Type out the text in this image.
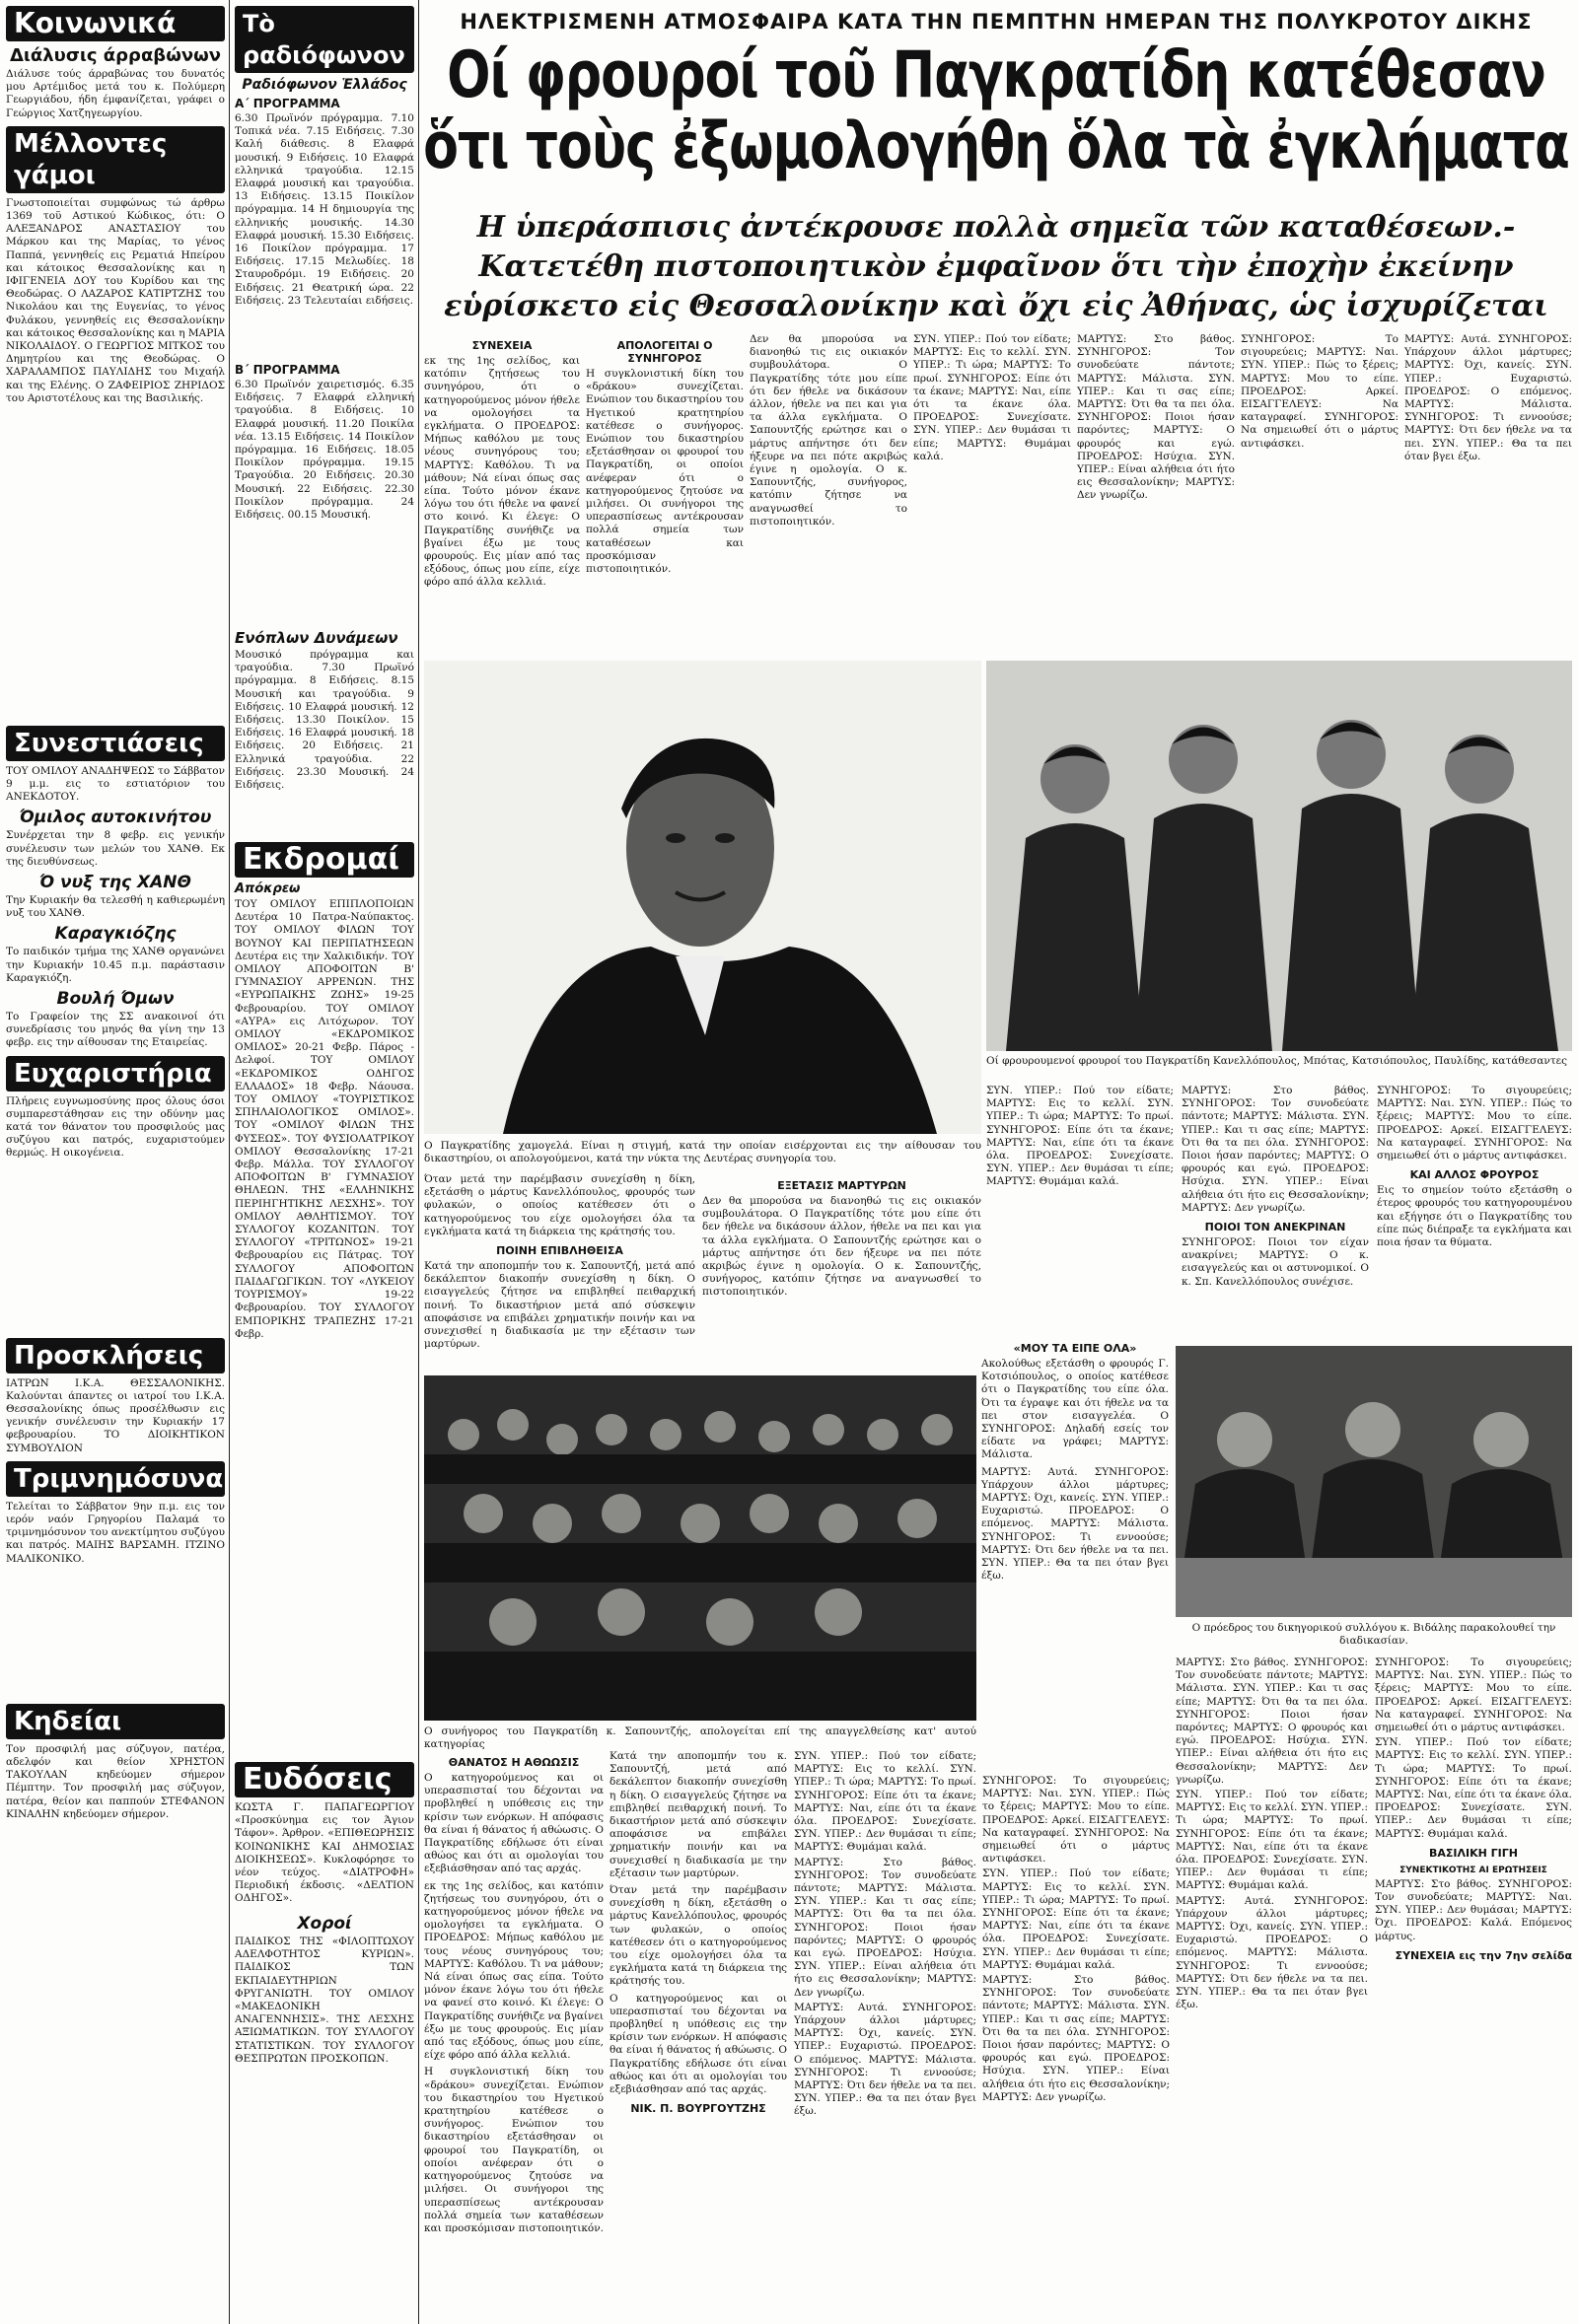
Κοινωνικά
Διάλυσις άρραβώνων

Διάλυσε τούς άρραβώνας του δυνατός μου Αρτέμιδος μετά του κ. Πολύμερη Γεωργιάδου, ήδη έμφανίζεται, γράφει ο Γεώργιος Χατζηγεωργίου.

Μέλλοντες γάμοι

Γνωστοποιείται συμφώνως τώ άρθρω 1369 τοϋ Αστικού Κώδικος, ότι: Ο ΑΛΕΞΑΝΔΡΟΣ ΑΝΑΣΤΑΣΙΟΥ του Μάρκου και της Μαρίας, το γένος Παππά, γεννηθείς εις Ρεματιά Ηπείρου και κάτοικος Θεσσαλονίκης και η ΙΦΙΓΕΝΕΙΑ ΔΟΥ του Κυρίδου και της Θεοδώρας. Ο ΛΑΖΑΡΟΣ ΚΑΤΙΡΤΖΗΣ του Νικολάου και της Ευγενίας, το γένος Φυλάκου, γεννηθείς εις Θεσσαλονίκην και κάτοικος Θεσσαλονίκης και η ΜΑΡΙΑ ΝΙΚΟΛΑΙΔΟΥ. Ο ΓΕΩΡΓΙΟΣ ΜΙΤΚΟΣ του Δημητρίου και της Θεοδώρας. Ο ΧΑΡΑΛΑΜΠΟΣ ΠΑΥΛΙΔΗΣ του Μιχαήλ και της Ελένης. Ο ΖΑΦΕΙΡΙΟΣ ΖΗΡΙΔΟΣ του Αριστοτέλους και της Βασιλικής.

Συνεστιάσεις

ΤΟΥ ΟΜΙΛΟΥ ΑΝΑΔΗΨΕΩΣ το Σάββατον 9 μ.μ. εις το εστιατόριον του ΑΝΕΚΔΟΤΟΥ.

Όμιλος αυτοκινήτου

Συνέρχεται την 8 φεβρ. εις γενικήν συνέλευσιν των μελών του ΧΑΝΘ. Εκ της διευθύνσεως.

Ό νυξ της ΧΑΝΘ

Την Κυριακήν θα τελεσθή η καθιερωμένη νυξ του ΧΑΝΘ.

Καραγκιόζης

Το παιδικόν τμήμα της ΧΑΝΘ οργανώνει την Κυριακήν 10.45 π.μ. παράστασιν Καραγκιόζη.

Βουλή Όμων

Το Γραφείον της ΣΣ ανακοινοί ότι συνεδρίασις του μηνός θα γίνη την 13 φεβρ. εις την αίθουσαν της Εταιρείας.

Ευχαριστήρια

Πλήρεις ευγνωμοσύνης προς όλους όσοι συμπαρεστάθησαν εις την οδύνην μας κατά τον θάνατον του προσφιλούς μας συζύγου και πατρός, ευχαριστούμεν θερμώς. Η οικογένεια.

Προσκλήσεις

ΙΑΤΡΩΝ Ι.Κ.Α. ΘΕΣΣΑΛΟΝΙΚΗΣ. Καλούνται άπαντες οι ιατροί του Ι.Κ.Α. Θεσσαλονίκης όπως προσέλθωσιν εις γενικήν συνέλευσιν την Κυριακήν 17 φεβρουαρίου. ΤΟ ΔΙΟΙΚΗΤΙΚΟΝ ΣΥΜΒΟΥΛΙΟΝ

Τριμνημόσυνα

Τελείται το Σάββατον 9ην π.μ. εις τον ιερόν ναόν Γρηγορίου Παλαμά το τριμνημόσυνον του ανεκτίμητου συζύγου και πατρός. ΜΑΙΗΣ ΒΑΡΣΑΜΗ. ΙΤΖΙΝΟ ΜΑΛΙΚΟΝΙΚΟ.

Κηδείαι

Τον προσφιλή μας σύζυγον, πατέρα, αδελφόν και θείον ΧΡΗΣΤΟΝ ΤΑΚΟΥΛΑΝ κηδεύομεν σήμερον Πέμπτην. Τον προσφιλή μας σύζυγον, πατέρα, θείον και παππούν ΣΤΕΦΑΝΟΝ ΚΙΝΑΛΗΝ κηδεύομεν σήμερον.

Τὸ ραδιόφωνον
Ραδιόφωνον Ἑλλάδος
Α΄ ΠΡΟΓΡΑΜΜΑ

6.30 Πρωϊνόν πρόγραμμα. 7.10 Τοπικά νέα. 7.15 Ειδήσεις. 7.30 Καλή διάθεσις. 8 Ελαφρά μουσική. 9 Ειδήσεις. 10 Ελαφρά ελληνικά τραγούδια. 12.15 Ελαφρά μουσική και τραγούδια. 13 Ειδήσεις. 13.15 Ποικίλον πρόγραμμα. 14 Η δημιουργία της ελληνικής μουσικής. 14.30 Ελαφρά μουσική. 15.30 Ειδήσεις. 16 Ποικίλον πρόγραμμα. 17 Ειδήσεις. 17.15 Μελωδίες. 18 Σταυροδρόμι. 19 Ειδήσεις. 20 Ειδήσεις. 21 Θεατρική ώρα. 22 Ειδήσεις. 23 Τελευταίαι ειδήσεις.

Β΄ ΠΡΟΓΡΑΜΜΑ

6.30 Πρωϊνόν χαιρετισμός. 6.35 Ειδήσεις. 7 Ελαφρά ελληνική τραγούδια. 8 Ειδήσεις. 10 Ελαφρά μουσική. 11.20 Ποικίλα νέα. 13.15 Ειδήσεις. 14 Ποικίλον πρόγραμμα. 16 Ειδήσεις. 18.05 Ποικίλον πρόγραμμα. 19.15 Τραγούδια. 20 Ειδήσεις. 20.30 Μουσική. 22 Ειδήσεις. 22.30 Ποικίλον πρόγραμμα. 24 Ειδήσεις. 00.15 Μουσική.

Ενόπλων Δυνάμεων

Μουσικό πρόγραμμα και τραγούδια. 7.30 Πρωϊνό πρόγραμμα. 8 Ειδήσεις. 8.15 Μουσική και τραγούδια. 9 Ειδήσεις. 10 Ελαφρά μουσική. 12 Ειδήσεις. 13.30 Ποικίλον. 15 Ειδήσεις. 16 Ελαφρά μουσική. 18 Ειδήσεις. 20 Ειδήσεις. 21 Ελληνικά τραγούδια. 22 Ειδήσεις. 23.30 Μουσική. 24 Ειδήσεις.

Εκδρομαί
Απόκρεω

ΤΟΥ ΟΜΙΛΟΥ ΕΠΙΠΛΟΠΟΙΩΝ Δευτέρα 10 Πατρα-Ναύπακτος. ΤΟΥ ΟΜΙΛΟΥ ΦΙΛΩΝ ΤΟΥ ΒΟΥΝΟΥ ΚΑΙ ΠΕΡΙΠΑΤΗΣΕΩΝ Δευτέρα εις την Χαλκιδικήν. ΤΟΥ ΟΜΙΛΟΥ ΑΠΟΦΟΙΤΩΝ Β' ΓΥΜΝΑΣΙΟΥ ΑΡΡΕΝΩΝ. ΤΗΣ «ΕΥΡΩΠΑΙΚΗΣ ΖΩΗΣ» 19-25 Φεβρουαρίου. ΤΟΥ ΟΜΙΛΟΥ «ΑΥΡΑ» εις Λιτόχωρον. ΤΟΥ ΟΜΙΛΟΥ «ΕΚΔΡΟΜΙΚΟΣ ΟΜΙΛΟΣ» 20-21 Φεβρ. Πάρος - Δελφοί. ΤΟΥ ΟΜΙΛΟΥ «ΕΚΔΡΟΜΙΚΟΣ ΟΔΗΓΟΣ ΕΛΛΑΔΟΣ» 18 Φεβρ. Νάουσα. ΤΟΥ ΟΜΙΛΟΥ «ΤΟΥΡΙΣΤΙΚΟΣ ΣΠΗΛΑΙΟΛΟΓΙΚΟΣ ΟΜΙΛΟΣ». ΤΟΥ «ΟΜΙΛΟΥ ΦΙΛΩΝ ΤΗΣ ΦΥΣΕΩΣ». ΤΟΥ ΦΥΣΙΟΛΑΤΡΙΚΟΥ ΟΜΙΛΟΥ Θεσσαλονίκης 17-21 Φεβρ. Μάλλα. ΤΟΥ ΣΥΛΛΟΓΟΥ ΑΠΟΦΟΙΤΩΝ Β' ΓΥΜΝΑΣΙΟΥ ΘΗΛΕΩΝ. ΤΗΣ «ΕΛΛΗΝΙΚΗΣ ΠΕΡΙΗΓΗΤΙΚΗΣ ΛΕΣΧΗΣ». ΤΟΥ ΟΜΙΛΟΥ ΑΘΛΗΤΙΣΜΟΥ. ΤΟΥ ΣΥΛΛΟΓΟΥ ΚΟΖΑΝΙΤΩΝ. ΤΟΥ ΣΥΛΛΟΓΟΥ «ΤΡΙΤΩΝΟΣ» 19-21 Φεβρουαρίου εις Πάτρας. ΤΟΥ ΣΥΛΛΟΓΟΥ ΑΠΟΦΟΙΤΩΝ ΠΑΙΔΑΓΩΓΙΚΩΝ. ΤΟΥ «ΛΥΚΕΙΟΥ ΤΟΥΡΙΣΜΟΥ» 19-22 Φεβρουαρίου. ΤΟΥ ΣΥΛΛΟΓΟΥ ΕΜΠΟΡΙΚΗΣ ΤΡΑΠΕΖΗΣ 17-21 Φεβρ.

Ευδόσεις

ΚΩΣΤΑ Γ. ΠΑΠΑΓΕΩΡΓΙΟΥ «Προσκύνημα εις τον Άγιον Τάφον». Άρθρον. «ΕΠΙΘΕΩΡΗΣΙΣ ΚΟΙΝΩΝΙΚΗΣ ΚΑΙ ΔΗΜΟΣΙΑΣ ΔΙΟΙΚΗΣΕΩΣ». Κυκλοφόρησε το νέον τεύχος. «ΔΙΑΤΡΟΦΗ» Περιοδική έκδοσις. «ΔΕΛΤΙΟΝ ΟΔΗΓΟΣ».

Χοροί

ΠΑΙΔΙΚΟΣ ΤΗΣ «ΦΙΛΟΠΤΩΧΟΥ ΑΔΕΛΦΟΤΗΤΟΣ ΚΥΡΙΩΝ». ΠΑΙΔΙΚΟΣ ΤΩΝ ΕΚΠΑΙΔΕΥΤΗΡΙΩΝ ΦΡΥΓΑΝΙΩΤΗ. ΤΟΥ ΟΜΙΛΟΥ «ΜΑΚΕΔΟΝΙΚΗ ΑΝΑΓΕΝΝΗΣΙΣ». ΤΗΣ ΛΕΣΧΗΣ ΑΞΙΩΜΑΤΙΚΩΝ. ΤΟΥ ΣΥΛΛΟΓΟΥ ΣΤΑΤΙΣΤΙΚΩΝ. ΤΟΥ ΣΥΛΛΟΓΟΥ ΘΕΣΠΡΩΤΩΝ ΠΡΟΣΚΟΠΩΝ.

ΗΛΕΚΤΡΙΣΜΕΝΗ ΑΤΜΟΣΦΑΙΡΑ ΚΑΤΑ ΤΗΝ ΠΕΜΠΤΗΝ ΗΜΕΡΑΝ ΤΗΣ ΠΟΛΥΚΡΟΤΟΥ ΔΙΚΗΣ
Οί φρουροί τοῦ Παγκρατίδη κατέθεσαν
ὅτι τοὺς ἐξωμολογήθη ὅλα τὰ ἐγκλήματα
Η ὑπεράσπισις ἀντέκρουσε πολλὰ σημεῖα τῶν καταθέσεων.-
Κατετέθη πιστοποιητικὸν ἐμφαῖνον ὅτι τὴν ἐποχὴν ἐκείνην
εὑρίσκετο εἰς Θεσσαλονίκην καὶ ὄχι εἰς Ἀθήνας, ὡς ἰσχυρίζεται
ΣΥΝΕΧΕΙΑ

εκ της 1ης σελίδος, και κατόπιν ζητήσεως του συνηγόρου, ότι ο κατηγορούμενος μόνον ήθελε να ομολογήσει τα εγκλήματα. Ο ΠΡΟΕΔΡΟΣ: Μήπως καθόλου με τους νέους συνηγόρους του; ΜΑΡΤΥΣ: Καθόλου. Τι να μάθουν; Νά είναι όπως σας είπα. Τούτο μόνον έκανε λόγω του ότι ήθελε να φανεί στο κοινό. Κι έλεγε: Ο Παγκρατίδης συνήθιζε να βγαίνει έξω με τους φρουρούς. Εις μίαν από τας εξόδους, όπως μου είπε, είχε φόρο από άλλα κελλιά.

ΑΠΟΛΟΓΕΙΤΑΙ Ο ΣΥΝΗΓΟΡΟΣ

Η συγκλονιστική δίκη του «δράκου» συνεχίζεται. Ενώπιον του δικαστηρίου του Ηγετικού κρατητηρίου κατέθεσε ο συνήγορος. Ενώπιον του δικαστηρίου εξετάσθησαν οι φρουροί του Παγκρατίδη, οι οποίοι ανέφεραν ότι ο κατηγορούμενος ζητούσε να μιλήσει. Οι συνήγοροι της υπερασπίσεως αντέκρουσαν πολλά σημεία των καταθέσεων και προσκόμισαν πιστοποιητικόν.

Δεν θα μπορούσα να διανοηθώ τις εις οικιακόν συμβουλάτορα. Ο Παγκρατίδης τότε μου είπε ότι δεν ήθελε να δικάσουν άλλον, ήθελε να πει και για τα άλλα εγκλήματα. Ο Σαπουντζής ερώτησε και ο μάρτυς απήντησε ότι δεν ήξευρε να πει πότε ακριβώς έγινε η ομολογία. Ο κ. Σαπουντζής, συνήγορος, κατόπιν ζήτησε να αναγνωσθεί το πιστοποιητικόν.

ΣΥΝ. ΥΠΕΡ.: Πού τον είδατε; ΜΑΡΤΥΣ: Εις το κελλί. ΣΥΝ. ΥΠΕΡ.: Τι ώρα; ΜΑΡΤΥΣ: Το πρωί. ΣΥΝΗΓΟΡΟΣ: Είπε ότι τα έκανε; ΜΑΡΤΥΣ: Ναι, είπε ότι τα έκανε όλα. ΠΡΟΕΔΡΟΣ: Συνεχίσατε. ΣΥΝ. ΥΠΕΡ.: Δεν θυμάσαι τι είπε; ΜΑΡΤΥΣ: Θυμάμαι καλά.

ΜΑΡΤΥΣ: Στο βάθος. ΣΥΝΗΓΟΡΟΣ: Τον συνοδεύατε πάντοτε; ΜΑΡΤΥΣ: Μάλιστα. ΣΥΝ. ΥΠΕΡ.: Και τι σας είπε; ΜΑΡΤΥΣ: Ότι θα τα πει όλα. ΣΥΝΗΓΟΡΟΣ: Ποιοι ήσαν παρόντες; ΜΑΡΤΥΣ: Ο φρουρός και εγώ. ΠΡΟΕΔΡΟΣ: Ησύχια. ΣΥΝ. ΥΠΕΡ.: Είναι αλήθεια ότι ήτο εις Θεσσαλονίκην; ΜΑΡΤΥΣ: Δεν γνωρίζω.

ΣΥΝΗΓΟΡΟΣ: Το σιγουρεύεις; ΜΑΡΤΥΣ: Ναι. ΣΥΝ. ΥΠΕΡ.: Πώς το ξέρεις; ΜΑΡΤΥΣ: Μου το είπε. ΠΡΟΕΔΡΟΣ: Αρκεί. ΕΙΣΑΓΓΕΛΕΥΣ: Να καταγραφεί. ΣΥΝΗΓΟΡΟΣ: Να σημειωθεί ότι ο μάρτυς αντιφάσκει.

ΜΑΡΤΥΣ: Αυτά. ΣΥΝΗΓΟΡΟΣ: Υπάρχουν άλλοι μάρτυρες; ΜΑΡΤΥΣ: Όχι, κανείς. ΣΥΝ. ΥΠΕΡ.: Ευχαριστώ. ΠΡΟΕΔΡΟΣ: Ο επόμενος. ΜΑΡΤΥΣ: Μάλιστα. ΣΥΝΗΓΟΡΟΣ: Τι εννοούσε; ΜΑΡΤΥΣ: Ότι δεν ήθελε να τα πει. ΣΥΝ. ΥΠΕΡ.: Θα τα πει όταν βγει έξω.

Ο Παγκρατίδης χαμογελά. Είναι η στιγμή, κατά την οποίαν εισέρχονται εις την αίθουσαν του δικαστηρίου, οι απολογούμενοι, κατά την νύκτα της Δευτέρας συνηγορία του.
Οί φρουρουμενοί φρουροί του Παγκρατίδη Κανελλόπουλος, Μπότας, Κατσιόπουλος, Παυλίδης, κατάθεσαντες

Όταν μετά την παρέμβασιν συνεχίσθη η δίκη, εξετάσθη ο μάρτυς Κανελλόπουλος, φρουρός των φυλακών, ο οποίος κατέθεσεν ότι ο κατηγορούμενος του είχε ομολογήσει όλα τα εγκλήματα κατά τη διάρκεια της κράτησής του.

ΠΟΙΝΗ ΕΠΙΒΛΗΘΕΙΣΑ

Κατά την αποπομπήν του κ. Σαπουντζή, μετά από δεκάλεπτον διακοπήν συνεχίσθη η δίκη. Ο εισαγγελεύς ζήτησε να επιβληθεί πειθαρχική ποινή. Το δικαστήριον μετά από σύσκεψιν αποφάσισε να επιβάλει χρηματικήν ποινήν και να συνεχισθεί η διαδικασία με την εξέτασιν των μαρτύρων.

ΕΞΕΤΑΣΙΣ ΜΑΡΤΥΡΩΝ

Δεν θα μπορούσα να διανοηθώ τις εις οικιακόν συμβουλάτορα. Ο Παγκρατίδης τότε μου είπε ότι δεν ήθελε να δικάσουν άλλον, ήθελε να πει και για τα άλλα εγκλήματα. Ο Σαπουντζής ερώτησε και ο μάρτυς απήντησε ότι δεν ήξευρε να πει πότε ακριβώς έγινε η ομολογία. Ο κ. Σαπουντζής, συνήγορος, κατόπιν ζήτησε να αναγνωσθεί το πιστοποιητικόν.

ΣΥΝ. ΥΠΕΡ.: Πού τον είδατε; ΜΑΡΤΥΣ: Εις το κελλί. ΣΥΝ. ΥΠΕΡ.: Τι ώρα; ΜΑΡΤΥΣ: Το πρωί. ΣΥΝΗΓΟΡΟΣ: Είπε ότι τα έκανε; ΜΑΡΤΥΣ: Ναι, είπε ότι τα έκανε όλα. ΠΡΟΕΔΡΟΣ: Συνεχίσατε. ΣΥΝ. ΥΠΕΡ.: Δεν θυμάσαι τι είπε; ΜΑΡΤΥΣ: Θυμάμαι καλά.

ΜΑΡΤΥΣ: Στο βάθος. ΣΥΝΗΓΟΡΟΣ: Τον συνοδεύατε πάντοτε; ΜΑΡΤΥΣ: Μάλιστα. ΣΥΝ. ΥΠΕΡ.: Και τι σας είπε; ΜΑΡΤΥΣ: Ότι θα τα πει όλα. ΣΥΝΗΓΟΡΟΣ: Ποιοι ήσαν παρόντες; ΜΑΡΤΥΣ: Ο φρουρός και εγώ. ΠΡΟΕΔΡΟΣ: Ησύχια. ΣΥΝ. ΥΠΕΡ.: Είναι αλήθεια ότι ήτο εις Θεσσαλονίκην; ΜΑΡΤΥΣ: Δεν γνωρίζω.

ΠΟΙΟΙ ΤΟΝ ΑΝΕΚΡΙΝΑΝ

ΣΥΝΗΓΟΡΟΣ: Ποιοι τον είχαν ανακρίνει; ΜΑΡΤΥΣ: Ο κ. εισαγγελεύς και οι αστυνομικοί. Ο κ. Σπ. Κανελλόπουλος συνέχισε.

ΣΥΝΗΓΟΡΟΣ: Το σιγουρεύεις; ΜΑΡΤΥΣ: Ναι. ΣΥΝ. ΥΠΕΡ.: Πώς το ξέρεις; ΜΑΡΤΥΣ: Μου το είπε. ΠΡΟΕΔΡΟΣ: Αρκεί. ΕΙΣΑΓΓΕΛΕΥΣ: Να καταγραφεί. ΣΥΝΗΓΟΡΟΣ: Να σημειωθεί ότι ο μάρτυς αντιφάσκει.

ΚΑΙ ΑΛΛΟΣ ΦΡΟΥΡΟΣ

Εις το σημείον τούτο εξετάσθη ο έτερος φρουρός του κατηγορουμένου και εξήγησε ότι ο Παγκρατίδης του είπε πώς διέπραξε τα εγκλήματα και ποια ήσαν τα θύματα.

Ο συνήγορος του Παγκρατίδη κ. Σαπουντζής, απολογείται επί της απαγγελθείσης κατ' αυτού κατηγορίας
«ΜΟΥ ΤΑ ΕΙΠΕ ΟΛΑ»

Ακολούθως εξετάσθη ο φρουρός Γ. Κοτσιόπουλος, ο οποίος κατέθεσε ότι ο Παγκρατίδης του είπε όλα. Ότι τα έγραψε και ότι ήθελε να τα πει στον εισαγγελέα. Ο ΣΥΝΗΓΟΡΟΣ: Δηλαδή εσείς τον είδατε να γράφει; ΜΑΡΤΥΣ: Μάλιστα.

ΜΑΡΤΥΣ: Αυτά. ΣΥΝΗΓΟΡΟΣ: Υπάρχουν άλλοι μάρτυρες; ΜΑΡΤΥΣ: Όχι, κανείς. ΣΥΝ. ΥΠΕΡ.: Ευχαριστώ. ΠΡΟΕΔΡΟΣ: Ο επόμενος. ΜΑΡΤΥΣ: Μάλιστα. ΣΥΝΗΓΟΡΟΣ: Τι εννοούσε; ΜΑΡΤΥΣ: Ότι δεν ήθελε να τα πει. ΣΥΝ. ΥΠΕΡ.: Θα τα πει όταν βγει έξω.

Ο πρόεδρος του δικηγορικού συλλόγου κ. Βιδάλης παρακολουθεί την διαδικασίαν.

ΜΑΡΤΥΣ: Στο βάθος. ΣΥΝΗΓΟΡΟΣ: Τον συνοδεύατε πάντοτε; ΜΑΡΤΥΣ: Μάλιστα. ΣΥΝ. ΥΠΕΡ.: Και τι σας είπε; ΜΑΡΤΥΣ: Ότι θα τα πει όλα. ΣΥΝΗΓΟΡΟΣ: Ποιοι ήσαν παρόντες; ΜΑΡΤΥΣ: Ο φρουρός και εγώ. ΠΡΟΕΔΡΟΣ: Ησύχια. ΣΥΝ. ΥΠΕΡ.: Είναι αλήθεια ότι ήτο εις Θεσσαλονίκην; ΜΑΡΤΥΣ: Δεν γνωρίζω.

ΣΥΝ. ΥΠΕΡ.: Πού τον είδατε; ΜΑΡΤΥΣ: Εις το κελλί. ΣΥΝ. ΥΠΕΡ.: Τι ώρα; ΜΑΡΤΥΣ: Το πρωί. ΣΥΝΗΓΟΡΟΣ: Είπε ότι τα έκανε; ΜΑΡΤΥΣ: Ναι, είπε ότι τα έκανε όλα. ΠΡΟΕΔΡΟΣ: Συνεχίσατε. ΣΥΝ. ΥΠΕΡ.: Δεν θυμάσαι τι είπε; ΜΑΡΤΥΣ: Θυμάμαι καλά.

ΜΑΡΤΥΣ: Αυτά. ΣΥΝΗΓΟΡΟΣ: Υπάρχουν άλλοι μάρτυρες; ΜΑΡΤΥΣ: Όχι, κανείς. ΣΥΝ. ΥΠΕΡ.: Ευχαριστώ. ΠΡΟΕΔΡΟΣ: Ο επόμενος. ΜΑΡΤΥΣ: Μάλιστα. ΣΥΝΗΓΟΡΟΣ: Τι εννοούσε; ΜΑΡΤΥΣ: Ότι δεν ήθελε να τα πει. ΣΥΝ. ΥΠΕΡ.: Θα τα πει όταν βγει έξω.

ΣΥΝΗΓΟΡΟΣ: Το σιγουρεύεις; ΜΑΡΤΥΣ: Ναι. ΣΥΝ. ΥΠΕΡ.: Πώς το ξέρεις; ΜΑΡΤΥΣ: Μου το είπε. ΠΡΟΕΔΡΟΣ: Αρκεί. ΕΙΣΑΓΓΕΛΕΥΣ: Να καταγραφεί. ΣΥΝΗΓΟΡΟΣ: Να σημειωθεί ότι ο μάρτυς αντιφάσκει.

ΣΥΝ. ΥΠΕΡ.: Πού τον είδατε; ΜΑΡΤΥΣ: Εις το κελλί. ΣΥΝ. ΥΠΕΡ.: Τι ώρα; ΜΑΡΤΥΣ: Το πρωί. ΣΥΝΗΓΟΡΟΣ: Είπε ότι τα έκανε; ΜΑΡΤΥΣ: Ναι, είπε ότι τα έκανε όλα. ΠΡΟΕΔΡΟΣ: Συνεχίσατε. ΣΥΝ. ΥΠΕΡ.: Δεν θυμάσαι τι είπε; ΜΑΡΤΥΣ: Θυμάμαι καλά.

ΒΑΣΙΛΙΚΗ ΓΙΓΗ
ΣΥΝΕΚΤΙΚΟΤΗΣ ΑΙ ΕΡΩΤΗΣΕΙΣ

ΜΑΡΤΥΣ: Στο βάθος. ΣΥΝΗΓΟΡΟΣ: Τον συνοδεύατε; ΜΑΡΤΥΣ: Ναι. ΣΥΝ. ΥΠΕΡ.: Δεν θυμάσαι; ΜΑΡΤΥΣ: Όχι. ΠΡΟΕΔΡΟΣ: Καλά. Επόμενος μάρτυς.

ΣΥΝΕΧΕΙΑ εις την 7ην σελίδα
ΘΑΝΑΤΟΣ Η ΑΘΩΩΣΙΣ

Ο κατηγορούμενος και οι υπερασπισταί του δέχονται να προβληθεί η υπόθεσις εις την κρίσιν των ενόρκων. Η απόφασις θα είναι ή θάνατος ή αθώωσις. Ο Παγκρατίδης εδήλωσε ότι είναι αθώος και ότι αι ομολογίαι του εξεβιάσθησαν από τας αρχάς.

εκ της 1ης σελίδος, και κατόπιν ζητήσεως του συνηγόρου, ότι ο κατηγορούμενος μόνον ήθελε να ομολογήσει τα εγκλήματα. Ο ΠΡΟΕΔΡΟΣ: Μήπως καθόλου με τους νέους συνηγόρους του; ΜΑΡΤΥΣ: Καθόλου. Τι να μάθουν; Νά είναι όπως σας είπα. Τούτο μόνον έκανε λόγω του ότι ήθελε να φανεί στο κοινό. Κι έλεγε: Ο Παγκρατίδης συνήθιζε να βγαίνει έξω με τους φρουρούς. Εις μίαν από τας εξόδους, όπως μου είπε, είχε φόρο από άλλα κελλιά.

Η συγκλονιστική δίκη του «δράκου» συνεχίζεται. Ενώπιον του δικαστηρίου του Ηγετικού κρατητηρίου κατέθεσε ο συνήγορος. Ενώπιον του δικαστηρίου εξετάσθησαν οι φρουροί του Παγκρατίδη, οι οποίοι ανέφεραν ότι ο κατηγορούμενος ζητούσε να μιλήσει. Οι συνήγοροι της υπερασπίσεως αντέκρουσαν πολλά σημεία των καταθέσεων και προσκόμισαν πιστοποιητικόν.

Κατά την αποπομπήν του κ. Σαπουντζή, μετά από δεκάλεπτον διακοπήν συνεχίσθη η δίκη. Ο εισαγγελεύς ζήτησε να επιβληθεί πειθαρχική ποινή. Το δικαστήριον μετά από σύσκεψιν αποφάσισε να επιβάλει χρηματικήν ποινήν και να συνεχισθεί η διαδικασία με την εξέτασιν των μαρτύρων.

Όταν μετά την παρέμβασιν συνεχίσθη η δίκη, εξετάσθη ο μάρτυς Κανελλόπουλος, φρουρός των φυλακών, ο οποίος κατέθεσεν ότι ο κατηγορούμενος του είχε ομολογήσει όλα τα εγκλήματα κατά τη διάρκεια της κράτησής του.

Ο κατηγορούμενος και οι υπερασπισταί του δέχονται να προβληθεί η υπόθεσις εις την κρίσιν των ενόρκων. Η απόφασις θα είναι ή θάνατος ή αθώωσις. Ο Παγκρατίδης εδήλωσε ότι είναι αθώος και ότι αι ομολογίαι του εξεβιάσθησαν από τας αρχάς.

ΝΙΚ. Π. ΒΟΥΡΓΟΥΤΖΗΣ

ΣΥΝ. ΥΠΕΡ.: Πού τον είδατε; ΜΑΡΤΥΣ: Εις το κελλί. ΣΥΝ. ΥΠΕΡ.: Τι ώρα; ΜΑΡΤΥΣ: Το πρωί. ΣΥΝΗΓΟΡΟΣ: Είπε ότι τα έκανε; ΜΑΡΤΥΣ: Ναι, είπε ότι τα έκανε όλα. ΠΡΟΕΔΡΟΣ: Συνεχίσατε. ΣΥΝ. ΥΠΕΡ.: Δεν θυμάσαι τι είπε; ΜΑΡΤΥΣ: Θυμάμαι καλά.

ΜΑΡΤΥΣ: Στο βάθος. ΣΥΝΗΓΟΡΟΣ: Τον συνοδεύατε πάντοτε; ΜΑΡΤΥΣ: Μάλιστα. ΣΥΝ. ΥΠΕΡ.: Και τι σας είπε; ΜΑΡΤΥΣ: Ότι θα τα πει όλα. ΣΥΝΗΓΟΡΟΣ: Ποιοι ήσαν παρόντες; ΜΑΡΤΥΣ: Ο φρουρός και εγώ. ΠΡΟΕΔΡΟΣ: Ησύχια. ΣΥΝ. ΥΠΕΡ.: Είναι αλήθεια ότι ήτο εις Θεσσαλονίκην; ΜΑΡΤΥΣ: Δεν γνωρίζω.

ΜΑΡΤΥΣ: Αυτά. ΣΥΝΗΓΟΡΟΣ: Υπάρχουν άλλοι μάρτυρες; ΜΑΡΤΥΣ: Όχι, κανείς. ΣΥΝ. ΥΠΕΡ.: Ευχαριστώ. ΠΡΟΕΔΡΟΣ: Ο επόμενος. ΜΑΡΤΥΣ: Μάλιστα. ΣΥΝΗΓΟΡΟΣ: Τι εννοούσε; ΜΑΡΤΥΣ: Ότι δεν ήθελε να τα πει. ΣΥΝ. ΥΠΕΡ.: Θα τα πει όταν βγει έξω.

ΣΥΝΗΓΟΡΟΣ: Το σιγουρεύεις; ΜΑΡΤΥΣ: Ναι. ΣΥΝ. ΥΠΕΡ.: Πώς το ξέρεις; ΜΑΡΤΥΣ: Μου το είπε. ΠΡΟΕΔΡΟΣ: Αρκεί. ΕΙΣΑΓΓΕΛΕΥΣ: Να καταγραφεί. ΣΥΝΗΓΟΡΟΣ: Να σημειωθεί ότι ο μάρτυς αντιφάσκει.

ΣΥΝ. ΥΠΕΡ.: Πού τον είδατε; ΜΑΡΤΥΣ: Εις το κελλί. ΣΥΝ. ΥΠΕΡ.: Τι ώρα; ΜΑΡΤΥΣ: Το πρωί. ΣΥΝΗΓΟΡΟΣ: Είπε ότι τα έκανε; ΜΑΡΤΥΣ: Ναι, είπε ότι τα έκανε όλα. ΠΡΟΕΔΡΟΣ: Συνεχίσατε. ΣΥΝ. ΥΠΕΡ.: Δεν θυμάσαι τι είπε; ΜΑΡΤΥΣ: Θυμάμαι καλά.

ΜΑΡΤΥΣ: Στο βάθος. ΣΥΝΗΓΟΡΟΣ: Τον συνοδεύατε πάντοτε; ΜΑΡΤΥΣ: Μάλιστα. ΣΥΝ. ΥΠΕΡ.: Και τι σας είπε; ΜΑΡΤΥΣ: Ότι θα τα πει όλα. ΣΥΝΗΓΟΡΟΣ: Ποιοι ήσαν παρόντες; ΜΑΡΤΥΣ: Ο φρουρός και εγώ. ΠΡΟΕΔΡΟΣ: Ησύχια. ΣΥΝ. ΥΠΕΡ.: Είναι αλήθεια ότι ήτο εις Θεσσαλονίκην; ΜΑΡΤΥΣ: Δεν γνωρίζω.
